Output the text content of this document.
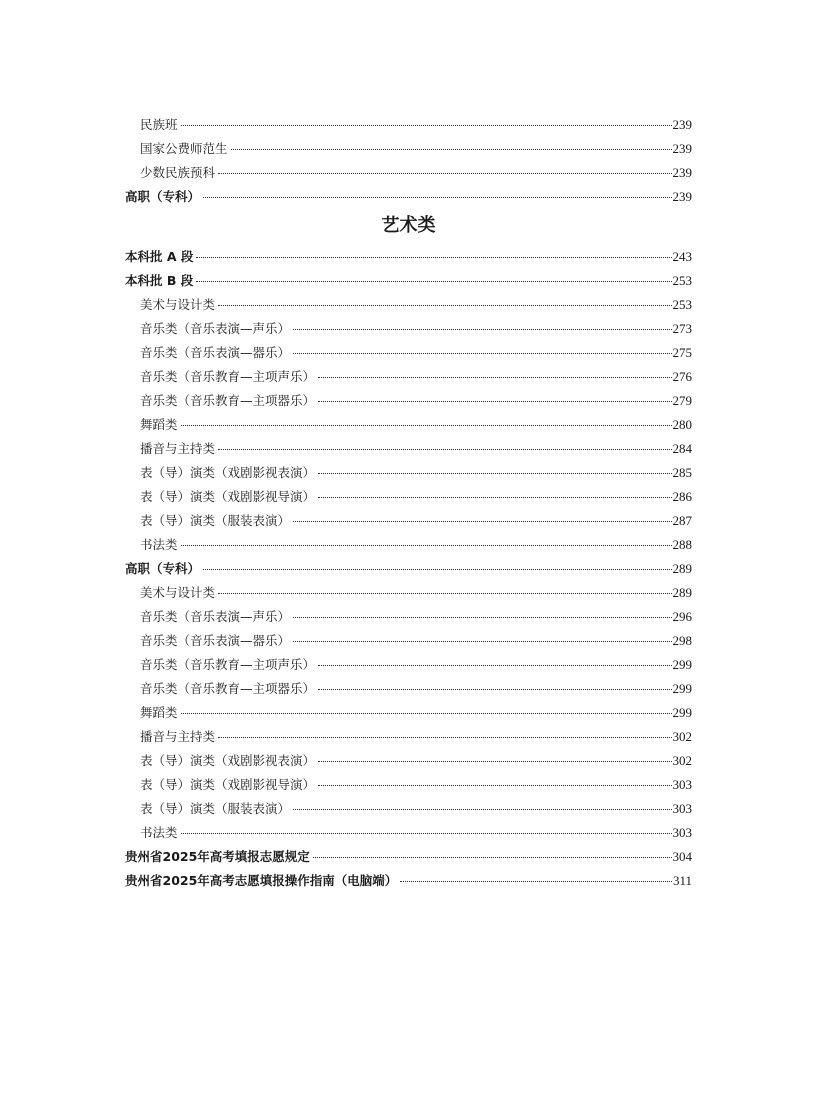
民族班	239
国家公费师范生	239
少数民族预科	239
高职（专科）	239
艺术类
本科批 A 段	243
本科批 B 段	253
美术与设计类	253
音乐类（音乐表演—声乐）	273
音乐类（音乐表演—器乐）	275
音乐类（音乐教育—主项声乐）	276
音乐类（音乐教育—主项器乐）	279
舞蹈类	280
播音与主持类	284
表（导）演类（戏剧影视表演）	285
表（导）演类（戏剧影视导演）	286
表（导）演类（服装表演）	287
书法类	288
高职（专科）	289
美术与设计类	289
音乐类（音乐表演—声乐）	296
音乐类（音乐表演—器乐）	298
音乐类（音乐教育—主项声乐）	299
音乐类（音乐教育—主项器乐）	299
舞蹈类	299
播音与主持类	302
表（导）演类（戏剧影视表演）	302
表（导）演类（戏剧影视导演）	303
表（导）演类（服装表演）	303
书法类	303
贵州省2025年高考填报志愿规定	304
贵州省2025年高考志愿填报操作指南（电脑端）	311
